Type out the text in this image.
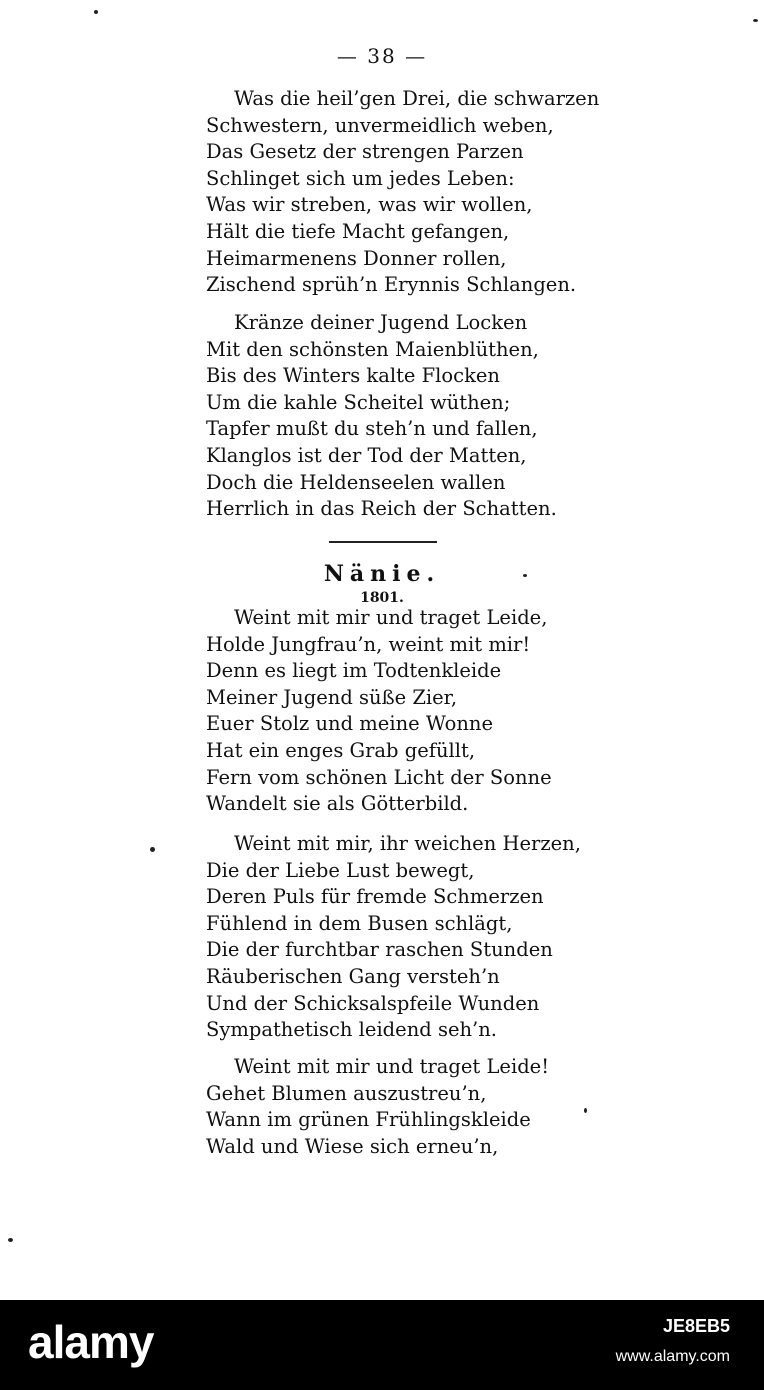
— 38 —
Was die heil’gen Drei, die schwarzen
Schwestern, unvermeidlich weben,
Das Gesetz der strengen Parzen
Schlinget sich um jedes Leben:
Was wir streben, was wir wollen,
Hält die tiefe Macht gefangen,
Heimarmenens Donner rollen,
Zischend sprüh’n Erynnis Schlangen.
Kränze deiner Jugend Locken
Mit den schönsten Maienblüthen,
Bis des Winters kalte Flocken
Um die kahle Scheitel wüthen;
Tapfer mußt du steh’n und fallen,
Klanglos ist der Tod der Matten,
Doch die Heldenseelen wallen
Herrlich in das Reich der Schatten.
Nänie.
1801.
Weint mit mir und traget Leide,
Holde Jungfrau’n, weint mit mir!
Denn es liegt im Todtenkleide
Meiner Jugend süße Zier,
Euer Stolz und meine Wonne
Hat ein enges Grab gefüllt,
Fern vom schönen Licht der Sonne
Wandelt sie als Götterbild.
Weint mit mir, ihr weichen Herzen,
Die der Liebe Lust bewegt,
Deren Puls für fremde Schmerzen
Fühlend in dem Busen schlägt,
Die der furchtbar raschen Stunden
Räuberischen Gang versteh’n
Und der Schicksalspfeile Wunden
Sympathetisch leidend seh’n.
Weint mit mir und traget Leide!
Gehet Blumen auszustreu’n,
Wann im grünen Frühlingskleide
Wald und Wiese sich erneu’n,
alamy	JE8EB5
www.alamy.com
